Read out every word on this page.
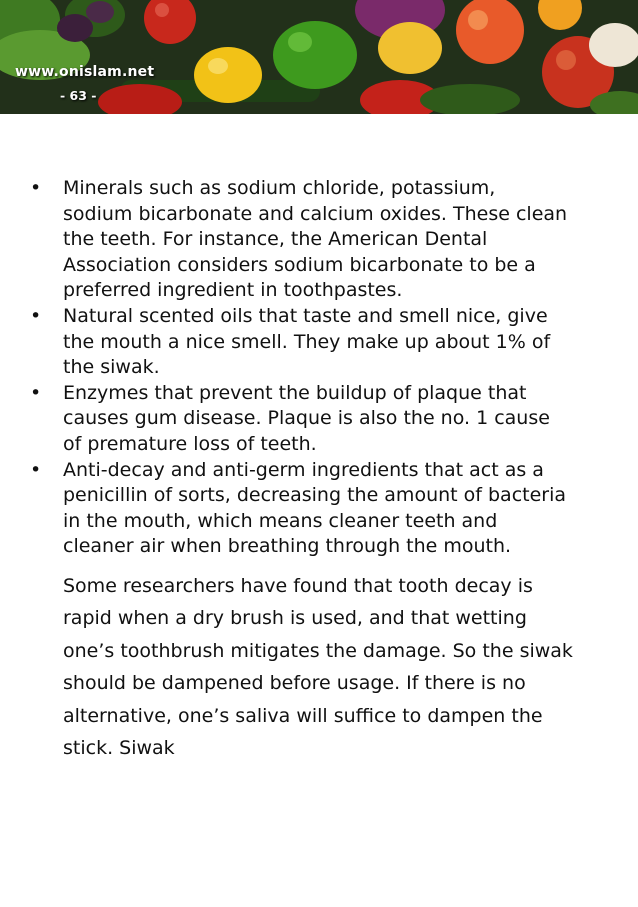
www.onislam.net
- 63 -
• Minerals such as sodium chloride, potassium, sodium bicarbonate and calcium oxides. These clean the teeth. For instance, the American Dental Association considers sodium bicarbonate to be a preferred ingredient in toothpastes.
• Natural scented oils that taste and smell nice, give the mouth a nice smell. They make up about 1% of the siwak.
• Enzymes that prevent the buildup of plaque that causes gum disease. Plaque is also the no. 1 cause of premature loss of teeth.
• Anti-decay and anti-germ ingredients that act as a penicillin of sorts, decreasing the amount of bacteria in the mouth, which means cleaner teeth and cleaner air when breathing through the mouth.

Some researchers have found that tooth decay is rapid when a dry brush is used, and that wetting one’s toothbrush mitigates the damage. So the siwak should be dampened before usage. If there is no alternative, one’s saliva will suffice to dampen the stick. Siwak
